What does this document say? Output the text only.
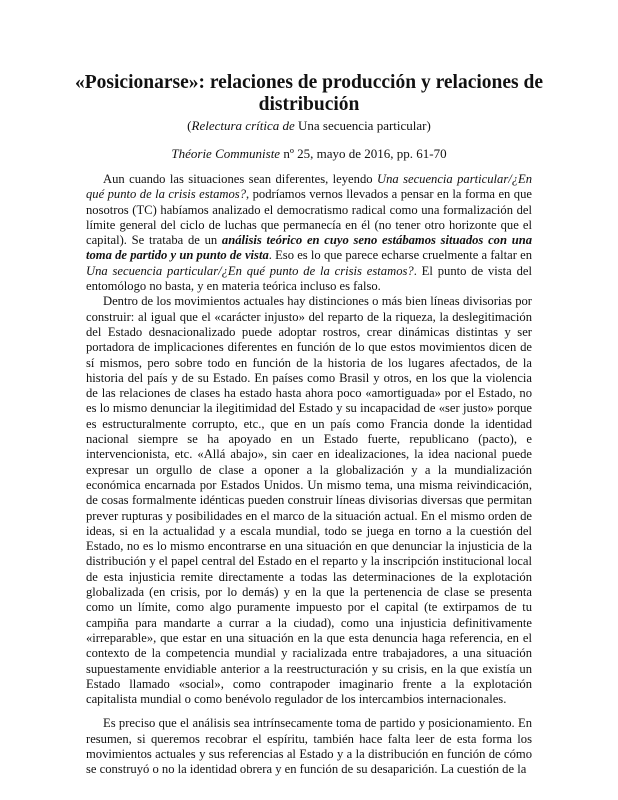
«Posicionarse»: relaciones de producción y relaciones de distribución
(Relectura crítica de Una secuencia particular)
Théorie Communiste nº 25, mayo de 2016, pp. 61-70

Aun cuando las situaciones sean diferentes, leyendo Una secuencia particular/¿En qué punto de la crisis estamos?, podríamos vernos llevados a pensar en la forma en que nosotros (TC) habíamos analizado el democratismo radical como una formalización del límite general del ciclo de luchas que permanecía en él (no tener otro horizonte que el capital). Se trataba de un análisis teórico en cuyo seno estábamos situados con una toma de partido y un punto de vista. Eso es lo que parece echarse cruelmente a faltar en Una secuencia particular/¿En qué punto de la crisis estamos?. El punto de vista del entomólogo no basta, y en materia teórica incluso es falso.

Dentro de los movimientos actuales hay distinciones o más bien líneas divisorias por construir: al igual que el «carácter injusto» del reparto de la riqueza, la deslegitimación del Estado desnacionalizado puede adoptar rostros, crear dinámicas distintas y ser portadora de implicaciones diferentes en función de lo que estos movimientos dicen de sí mismos, pero sobre todo en función de la historia de los lugares afectados, de la historia del país y de su Estado. En países como Brasil y otros, en los que la violencia de las relaciones de clases ha estado hasta ahora poco «amortiguada» por el Estado, no es lo mismo denunciar la ilegitimidad del Estado y su incapacidad de «ser justo» porque es estructuralmente corrupto, etc., que en un país como Francia donde la identidad nacional siempre se ha apoyado en un Estado fuerte, republicano (pacto), e intervencionista, etc. «Allá abajo», sin caer en idealizaciones, la idea nacional puede expresar un orgullo de clase a oponer a la globalización y a la mundialización económica encarnada por Estados Unidos. Un mismo tema, una misma reivindicación, de cosas formalmente idénticas pueden construir líneas divisorias diversas que permitan prever rupturas y posibilidades en el marco de la situación actual. En el mismo orden de ideas, si en la actualidad y a escala mundial, todo se juega en torno a la cuestión del Estado, no es lo mismo encontrarse en una situación en que denunciar la injusticia de la distribución y el papel central del Estado en el reparto y la inscripción institucional local de esta injusticia remite directamente a todas las determinaciones de la explotación globalizada (en crisis, por lo demás) y en la que la pertenencia de clase se presenta como un límite, como algo puramente impuesto por el capital (te extirpamos de tu campiña para mandarte a currar a la ciudad), como una injusticia definitivamente «irreparable», que estar en una situación en la que esta denuncia haga referencia, en el contexto de la competencia mundial y racializada entre trabajadores, a una situación supuestamente envidiable anterior a la reestructuración y su crisis, en la que existía un Estado llamado «social», como contrapoder imaginario frente a la explotación capitalista mundial o como benévolo regulador de los intercambios internacionales.

Es preciso que el análisis sea intrínsecamente toma de partido y posicionamiento. En resumen, si queremos recobrar el espíritu, también hace falta leer de esta forma los movimientos actuales y sus referencias al Estado y a la distribución en función de cómo se construyó o no la identidad obrera y en función de su desaparición. La cuestión de la
